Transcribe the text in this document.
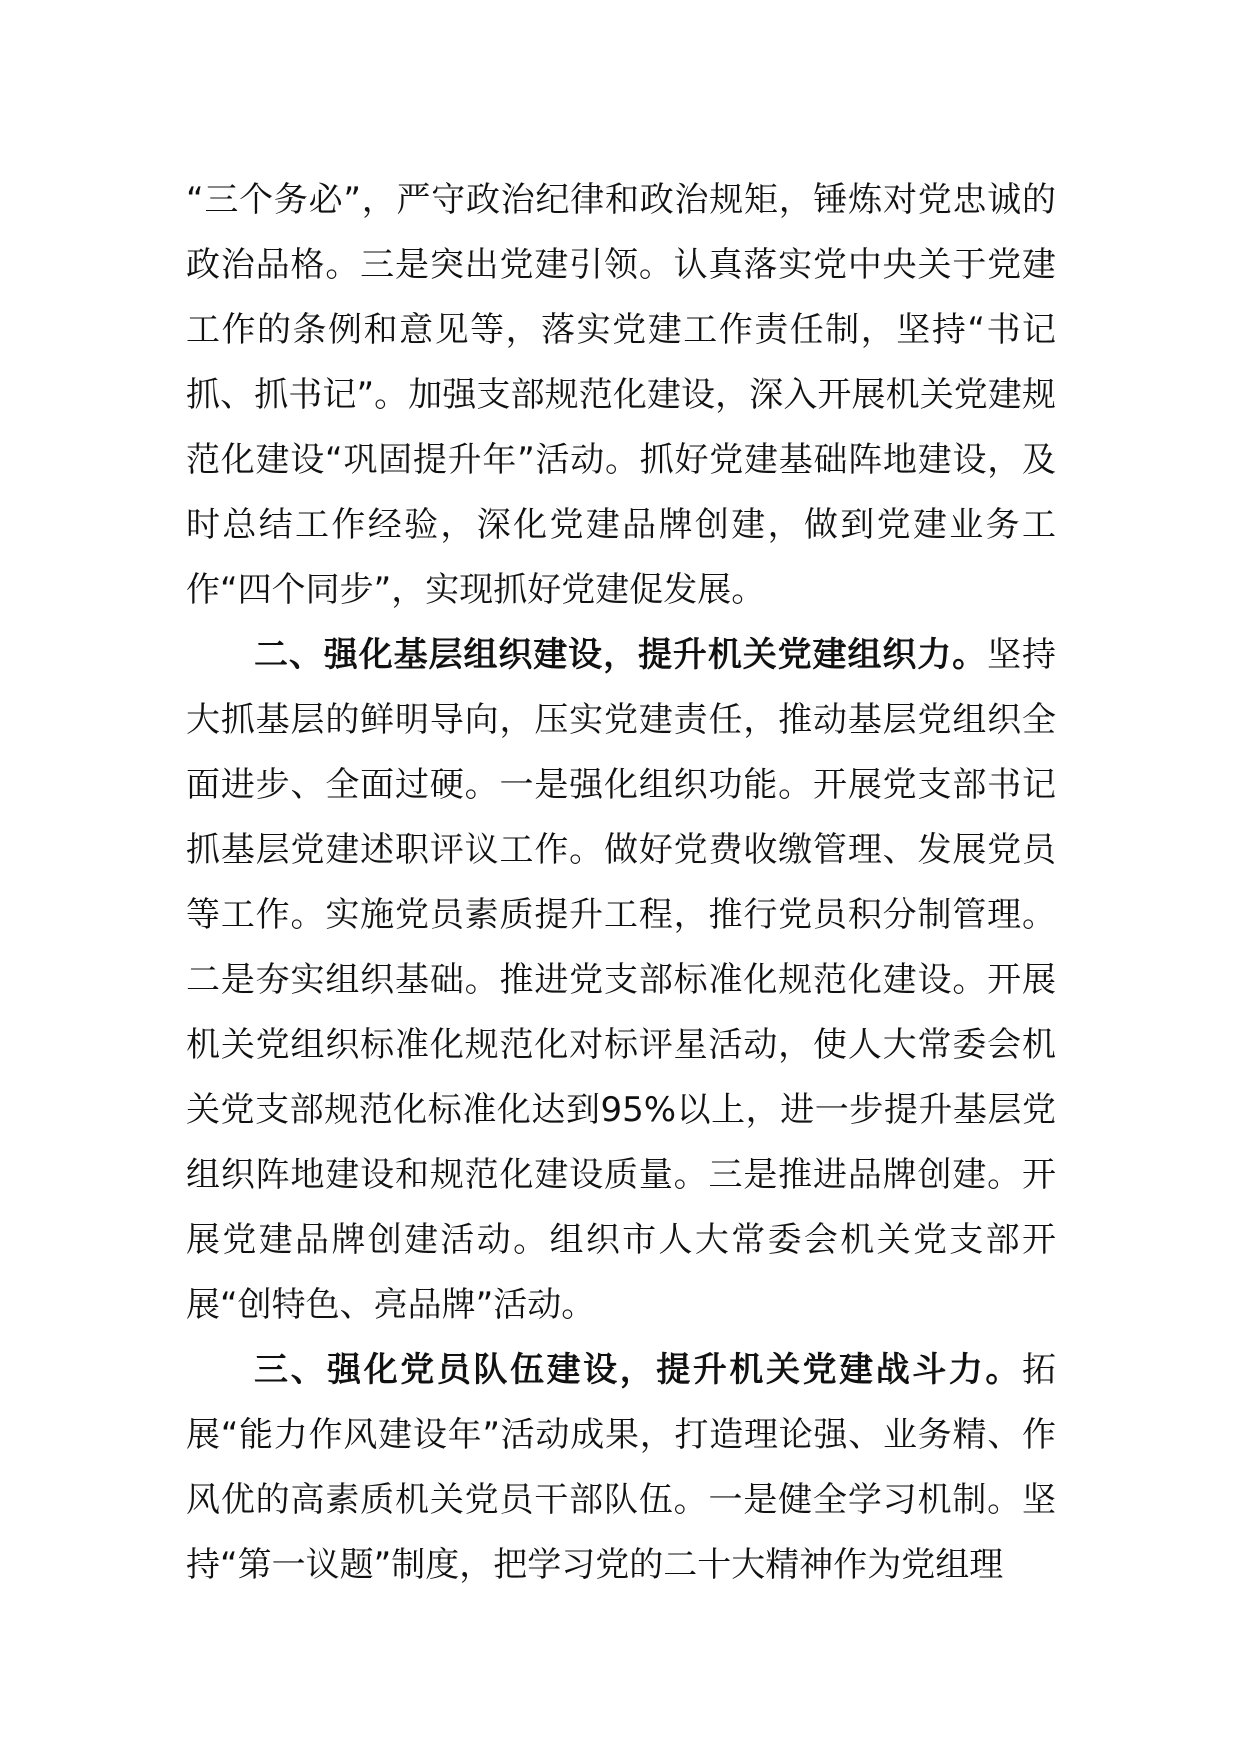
“三个务必”，严守政治纪律和政治规矩，锤炼对党忠诚的政治品格。三是突出党建引领。认真落实党中央关于党建工作的条例和意见等，落实党建工作责任制，坚持“书记抓、抓书记”。加强支部规范化建设，深入开展机关党建规范化建设“巩固提升年”活动。抓好党建基础阵地建设，及时总结工作经验，深化党建品牌创建，做到党建业务工作“四个同步”，实现抓好党建促发展。

二、强化基层组织建设，提升机关党建组织力。坚持大抓基层的鲜明导向，压实党建责任，推动基层党组织全面进步、全面过硬。一是强化组织功能。开展党支部书记抓基层党建述职评议工作。做好党费收缴管理、发展党员等工作。实施党员素质提升工程，推行党员积分制管理。二是夯实组织基础。推进党支部标准化规范化建设。开展机关党组织标准化规范化对标评星活动，使人大常委会机关党支部规范化标准化达到95%以上，进一步提升基层党组织阵地建设和规范化建设质量。三是推进品牌创建。开展党建品牌创建活动。组织市人大常委会机关党支部开展“创特色、亮品牌”活动。

三、强化党员队伍建设，提升机关党建战斗力。拓展“能力作风建设年”活动成果，打造理论强、业务精、作风优的高素质机关党员干部队伍。一是健全学习机制。坚持“第一议题”制度，把学习党的二十大精神作为党组理
